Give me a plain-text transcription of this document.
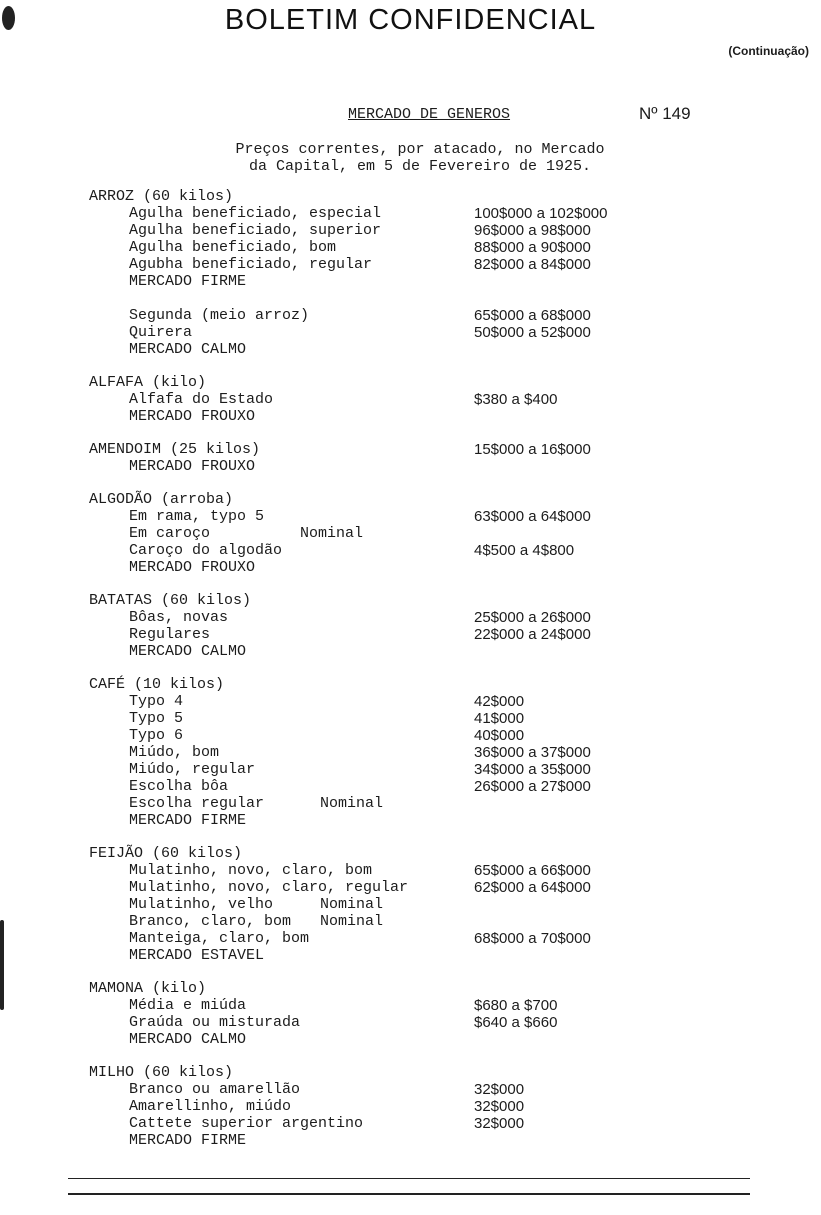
BOLETIM CONFIDENCIAL
(Continuação)
MERCADO DE GENEROS	Nº 149
Preços correntes, por atacado, no Mercado
da Capital, em 5 de Fevereiro de 1925.
ARROZ (60 kilos)
Agulha beneficiado, especial	100$000 a 102$000
Agulha beneficiado, superior	96$000 a 98$000
Agulha beneficiado, bom	88$000 a 90$000
Agubha beneficiado, regular	82$000 a 84$000
MERCADO FIRME
Segunda (meio arroz)	65$000 a 68$000
Quirera	50$000 a 52$000
MERCADO CALMO
ALFAFA (kilo)
Alfafa do Estado	$380 a $400
MERCADO FROUXO
AMENDOIM (25 kilos)	15$000 a 16$000
MERCADO FROUXO
ALGODÃO (arroba)
Em rama, typo 5	63$000 a 64$000
Em caroço	Nominal
Caroço do algodão	4$500 a 4$800
MERCADO FROUXO
BATATAS (60 kilos)
Bôas, novas	25$000 a 26$000
Regulares	22$000 a 24$000
MERCADO CALMO
CAFÉ (10 kilos)
Typo 4	42$000
Typo 5	41$000
Typo 6	40$000
Miúdo, bom	36$000 a 37$000
Miúdo, regular	34$000 a 35$000
Escolha bôa	26$000 a 27$000
Escolha regular	Nominal
MERCADO FIRME
FEIJÃO (60 kilos)
Mulatinho, novo, claro, bom	65$000 a 66$000
Mulatinho, novo, claro, regular	62$000 a 64$000
Mulatinho, velho	Nominal
Branco, claro, bom Nominal
Manteiga, claro, bom	68$000 a 70$000
MERCADO ESTAVEL
MAMONA (kilo)
Média e miúda	$680 a $700
Graúda ou misturada	$640 a $660
MERCADO CALMO
MILHO (60 kilos)
Branco ou amarellão	32$000
Amarellinho, miúdo	32$000
Cattete superior argentino	32$000
MERCADO FIRME
